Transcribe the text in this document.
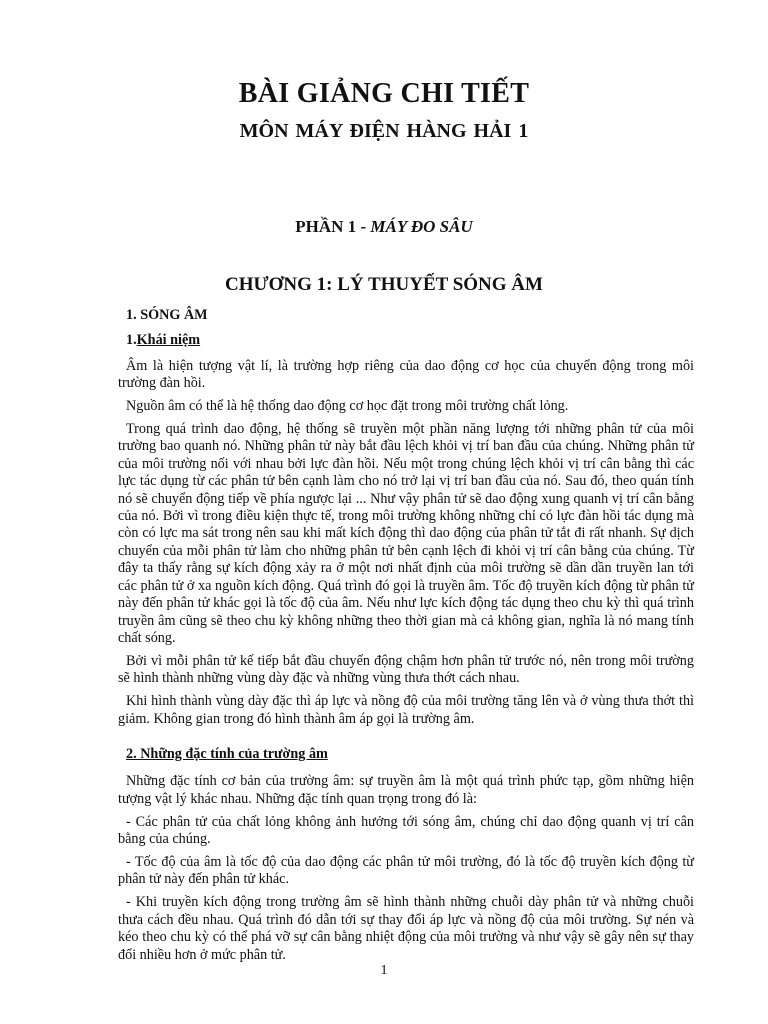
BÀI GIẢNG CHI TIẾT
MÔN MÁY ĐIỆN HÀNG HẢI 1
PHẦN 1 - MÁY ĐO SÂU
CHƯƠNG 1: LÝ THUYẾT SÓNG ÂM

1. SÓNG ÂM

1.Khái niệm

Âm là hiện tượng vật lí, là trường hợp riêng của dao động cơ học của chuyển động trong môi trường đàn hồi.

Nguồn âm có thể là hệ thống dao động cơ học đặt trong môi trường chất lỏng.

Trong quá trình dao động, hệ thống sẽ truyền một phần năng lượng tới những phân tử của môi trường bao quanh nó. Những phân tử này bắt đầu lệch khỏi vị trí ban đầu của chúng. Những phân tử của môi trường nối với nhau bởi lực đàn hồi. Nếu một trong chúng lệch khỏi vị trí cân bằng thì các lực tác dụng từ các phân tử bên cạnh làm cho nó trở lại vị trí ban đầu của nó. Sau đó, theo quán tính nó sẽ chuyển động tiếp về phía ngược lại ... Như vậy phân tử sẽ dao động xung quanh vị trí cân bằng của nó. Bởi vì trong điều kiện thực tế, trong môi trường không những chỉ có lực đàn hồi tác dụng mà còn có lực ma sát trong nên sau khi mất kích động thì dao động của phân tử tắt đi rất nhanh. Sự dịch chuyển của mỗi phân tử làm cho những phân tử bên cạnh lệch đi khỏi vị trí cân bằng của chúng. Từ đây ta thấy rằng sự kích động xảy ra ở một nơi nhất định của môi trường sẽ dần dần truyền lan tới các phân tử ở xa nguồn kích động. Quá trình đó gọi là truyền âm. Tốc độ truyền kích động từ phân tử này đến phân tử khác gọi là tốc độ của âm. Nếu như lực kích động tác dụng theo chu kỳ thì quá trình truyền âm cũng sẽ theo chu kỳ không những theo thời gian mà cả không gian, nghĩa là nó mang tính chất sóng.

Bởi vì mỗi phân tử kế tiếp bắt đầu chuyển động chậm hơn phân tử trước nó, nên trong môi trường sẽ hình thành những vùng dày đặc và những vùng thưa thớt cách nhau.

Khi hình thành vùng dày đặc thì áp lực và nồng độ của môi trường tăng lên và ở vùng thưa thớt thì giảm. Không gian trong đó hình thành âm áp gọi là trường âm.

2. Những đặc tính của trường âm

Những đặc tính cơ bản của trường âm: sự truyền âm là một quá trình phức tạp, gồm những hiện tượng vật lý khác nhau. Những đặc tính quan trọng trong đó là:

- Các phân tử của chất lỏng không ảnh hưởng tới sóng âm, chúng chỉ dao động quanh vị trí cân bằng của chúng.

- Tốc độ của âm là tốc độ của dao động các phân tử môi trường, đó là tốc độ truyền kích động từ phân tử này đến phân tử khác.

- Khi truyền kích động trong trường âm sẽ hình thành những chuỗi dày phân tử và những chuỗi thưa cách đều nhau. Quá trình đó dẫn tới sự thay đổi áp lực và nồng độ của môi trường. Sự nén và kéo theo chu kỳ có thể phá vỡ sự cân bằng nhiệt động của môi trường và như vậy sẽ gây nên sự thay đổi nhiều hơn ở mức phân tử.

1
